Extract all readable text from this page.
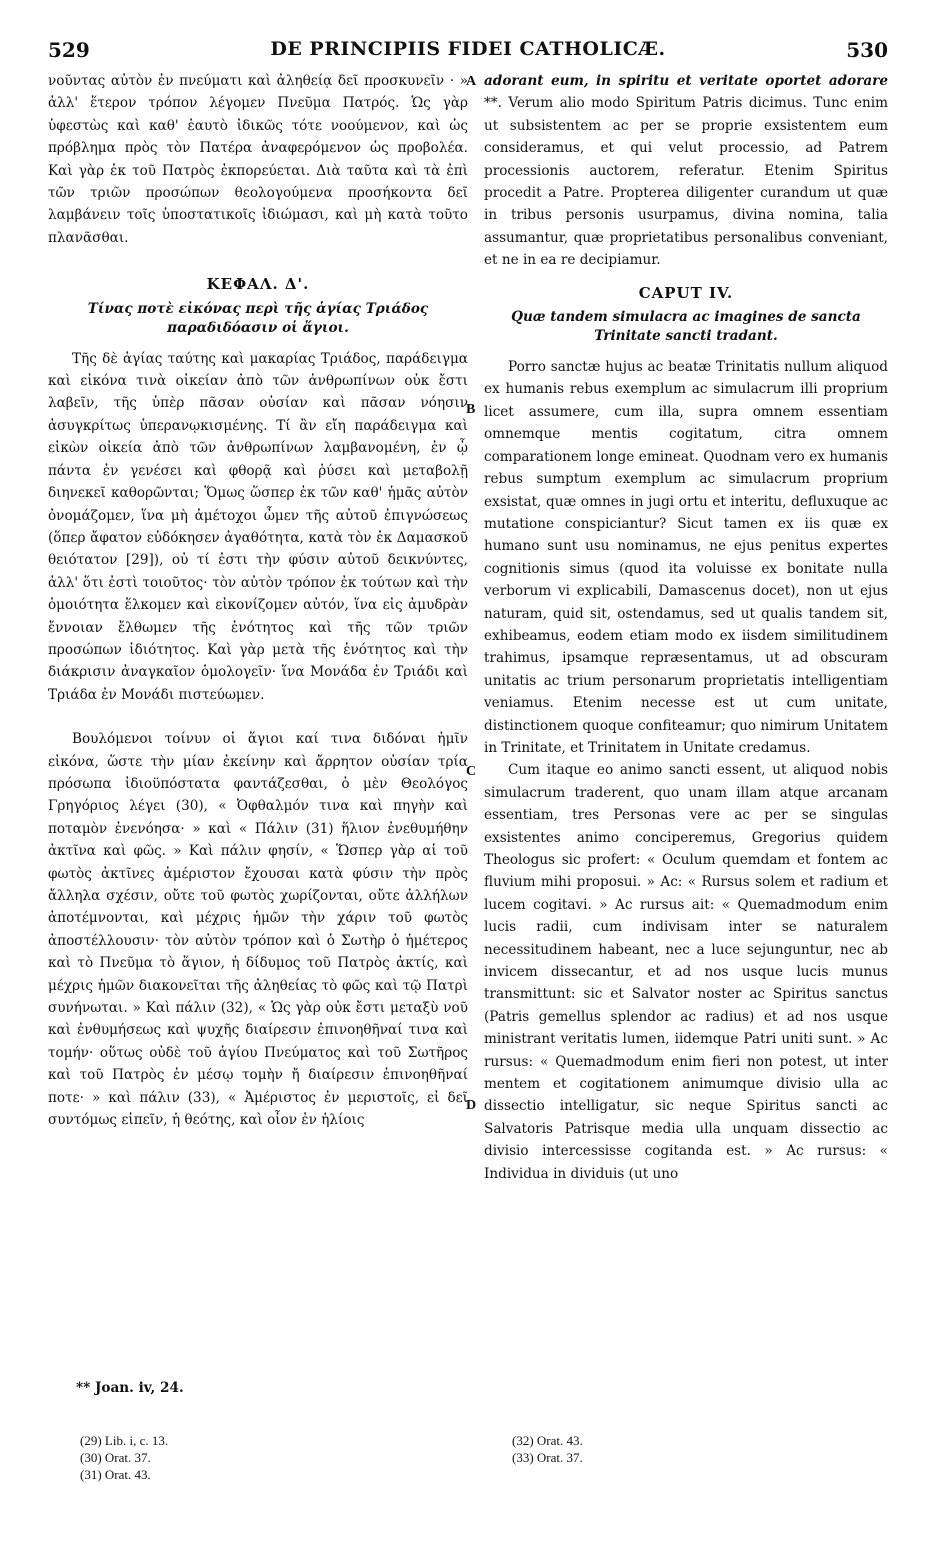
529	DE PRINCIPIIS FIDEI CATHOLICÆ.	530
A
B
C
D

νοῦντας αὐτὸν ἐν πνεύματι καὶ ἀληθείᾳ δεῖ προσκυνεῖν · » ἀλλ' ἕτερον τρόπον λέγομεν Πνεῦμα Πατρός. Ὡς γὰρ ὑφεστὼς καὶ καθ' ἑαυτὸ ἰδικῶς τότε νοούμενον, καὶ ὡς πρόβλημα πρὸς τὸν Πατέρα ἀναφερόμενον ὡς προβολέα. Καὶ γὰρ ἐκ τοῦ Πατρὸς ἐκπορεύεται. Διὰ ταῦτα καὶ τὰ ἐπὶ τῶν τριῶν προσώπων θεολογούμενα προσήκοντα δεῖ λαμβάνειν τοῖς ὑποστατικοῖς ἰδιώμασι, καὶ μὴ κατὰ τοῦτο πλανᾶσθαι.

ΚΕΦΑΛ. Δ'.
Τίνας ποτὲ εἰκόνας περὶ τῆς ἁγίας Τριάδος παραδιδόασιν οἱ ἅγιοι.

Τῆς δὲ ἁγίας ταύτης καὶ μακαρίας Τριάδος, παράδειγμα καὶ εἰκόνα τινὰ οἰκείαν ἀπὸ τῶν ἀνθρωπίνων οὐκ ἔστι λαβεῖν, τῆς ὑπὲρ πᾶσαν οὐσίαν καὶ πᾶσαν νόησιν ἀσυγκρίτως ὑπερανῳκισμένης. Τί ἂν εἴη παράδειγμα καὶ εἰκὼν οἰκεία ἀπὸ τῶν ἀνθρωπίνων λαμβανομένη, ἐν ᾧ πάντα ἐν γενέσει καὶ φθορᾷ καὶ ῥύσει καὶ μεταβολῇ διηνεκεῖ καθορῶνται; Ὅμως ὥσπερ ἐκ τῶν καθ' ἡμᾶς αὐτὸν ὀνομάζομεν, ἵνα μὴ ἀμέτοχοι ὦμεν τῆς αὐτοῦ ἐπιγνώσεως (ὅπερ ἄφατον εὐδόκησεν ἀγαθότητα, κατὰ τὸν ἐκ Δαμασκοῦ θειότατον [29]), οὐ τί ἐστι τὴν φύσιν αὐτοῦ δεικνύντες, ἀλλ' ὅτι ἐστὶ τοιοῦτος· τὸν αὐτὸν τρόπον ἐκ τούτων καὶ τὴν ὁμοιότητα ἕλκομεν καὶ εἰκονίζομεν αὐτόν, ἵνα εἰς ἀμυδρὰν ἔννοιαν ἔλθωμεν τῆς ἑνότητος καὶ τῆς τῶν τριῶν προσώπων ἰδιότητος. Καὶ γὰρ μετὰ τῆς ἑνότητος καὶ τὴν διάκρισιν ἀναγκαῖον ὁμολογεῖν· ἵνα Μονάδα ἐν Τριάδι καὶ Τριάδα ἐν Μονάδι πιστεύωμεν.

Βουλόμενοι τοίνυν οἱ ἅγιοι καί τινα διδόναι ἡμῖν εἰκόνα, ὥστε τὴν μίαν ἐκείνην καὶ ἄρρητον οὐσίαν τρία πρόσωπα ἰδιοϋπόστατα φαντάζεσθαι, ὁ μὲν Θεολόγος Γρηγόριος λέγει (30), « Ὀφθαλμόν τινα καὶ πηγὴν καὶ ποταμὸν ἐνενόησα· » καὶ « Πάλιν (31) ἥλιον ἐνεθυμήθην ἀκτῖνα καὶ φῶς. » Καὶ πάλιν φησίν, « Ὥσπερ γὰρ αἱ τοῦ φωτὸς ἀκτῖνες ἀμέριστον ἔχουσαι κατὰ φύσιν τὴν πρὸς ἄλληλα σχέσιν, οὔτε τοῦ φωτὸς χωρίζονται, οὔτε ἀλλήλων ἀποτέμνονται, καὶ μέχρις ἡμῶν τὴν χάριν τοῦ φωτὸς ἀποστέλλουσιν· τὸν αὐτὸν τρόπον καὶ ὁ Σωτὴρ ὁ ἡμέτερος καὶ τὸ Πνεῦμα τὸ ἅγιον, ἡ δίδυμος τοῦ Πατρὸς ἀκτίς, καὶ μέχρις ἡμῶν διακονεῖται τῆς ἀληθείας τὸ φῶς καὶ τῷ Πατρὶ συνήνωται. » Καὶ πάλιν (32), « Ὡς γὰρ οὐκ ἔστι μεταξὺ νοῦ καὶ ἐνθυμήσεως καὶ ψυχῆς διαίρεσιν ἐπινοηθῆναί τινα καὶ τομήν· οὕτως οὐδὲ τοῦ ἁγίου Πνεύματος καὶ τοῦ Σωτῆρος καὶ τοῦ Πατρὸς ἐν μέσῳ τομὴν ἤ διαίρεσιν ἐπινοηθῆναί ποτε· » καὶ πάλιν (33), « Ἀμέριστος ἐν μεριστοῖς, εἰ δεῖ συντόμως εἰπεῖν, ἡ θεότης, καὶ οἷον ἐν ἡλίοις

adorant eum, in spiritu et veritate oportet adorare **. Verum alio modo Spiritum Patris dicimus. Tunc enim ut subsistentem ac per se proprie exsistentem eum consideramus, et qui velut processio, ad Patrem processionis auctorem, referatur. Etenim Spiritus procedit a Patre. Propterea diligenter curandum ut quæ in tribus personis usurpamus, divina nomina, talia assumantur, quæ proprietatibus personalibus conveniant, et ne in ea re decipiamur.

CAPUT IV.
Quæ tandem simulacra ac imagines de sancta Trinitate sancti tradant.

Porro sanctæ hujus ac beatæ Trinitatis nullum aliquod ex humanis rebus exemplum ac simulacrum illi proprium licet assumere, cum illa, supra omnem essentiam omnemque mentis cogitatum, citra omnem comparationem longe emineat. Quodnam vero ex humanis rebus sumptum exemplum ac simulacrum proprium exsistat, quæ omnes in jugi ortu et interitu, defluxuque ac mutatione conspiciantur? Sicut tamen ex iis quæ ex humano sunt usu nominamus, ne ejus penitus expertes cognitionis simus (quod ita voluisse ex bonitate nulla verborum vi explicabili, Damascenus docet), non ut ejus naturam, quid sit, ostendamus, sed ut qualis tandem sit, exhibeamus, eodem etiam modo ex iisdem similitudinem trahimus, ipsamque repræsentamus, ut ad obscuram unitatis ac trium personarum proprietatis intelligentiam veniamus. Etenim necesse est ut cum unitate, distinctionem quoque confiteamur; quo nimirum Unitatem in Trinitate, et Trinitatem in Unitate credamus.

Cum itaque eo animo sancti essent, ut aliquod nobis simulacrum traderent, quo unam illam atque arcanam essentiam, tres Personas vere ac per se singulas exsistentes animo conciperemus, Gregorius quidem Theologus sic profert: « Oculum quemdam et fontem ac fluvium mihi proposui. » Ac: « Rursus solem et radium et lucem cogitavi. » Ac rursus ait: « Quemadmodum enim lucis radii, cum indivisam inter se naturalem necessitudinem habeant, nec a luce sejunguntur, nec ab invicem dissecantur, et ad nos usque lucis munus transmittunt: sic et Salvator noster ac Spiritus sanctus (Patris gemellus splendor ac radius) et ad nos usque ministrant veritatis lumen, iidemque Patri uniti sunt. » Ac rursus: « Quemadmodum enim fieri non potest, ut inter mentem et cogitationem animumque divisio ulla ac dissectio intelligatur, sic neque Spiritus sancti ac Salvatoris Patrisque media ulla unquam dissectio ac divisio intercessisse cogitanda est. » Ac rursus: « Individua in dividuis (ut uno

** Joan. iv, 24.
(29) Lib. i, c. 13.
(30) Orat. 37.
(31) Orat. 43.
(32) Orat. 43.
(33) Orat. 37.
